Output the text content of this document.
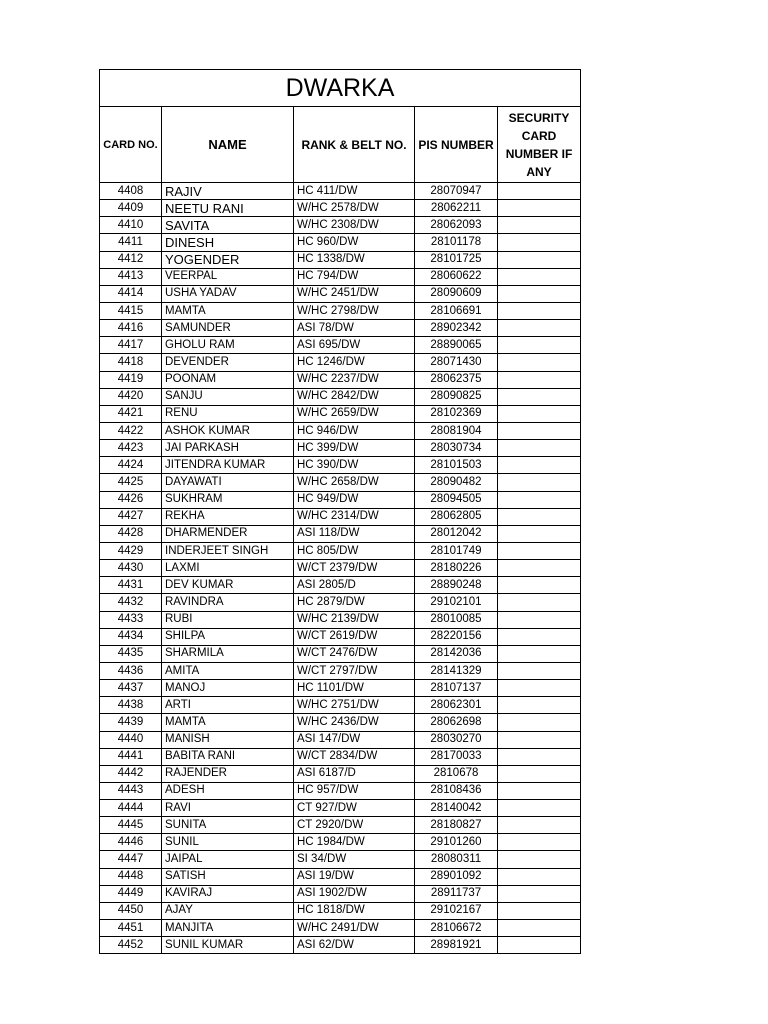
DWARKA				
CARD NO.	NAME	RANK & BELT NO.	PIS NUMBER	SECURITY CARD NUMBER IF ANY
4408	RAJIV	HC 411/DW	28070947	
4409	NEETU RANI	W/HC 2578/DW	28062211	
4410	SAVITA	W/HC 2308/DW	28062093	
4411	DINESH	HC 960/DW	28101178	
4412	YOGENDER	HC 1338/DW	28101725	
4413	VEERPAL	HC 794/DW	28060622	
4414	USHA YADAV	W/HC 2451/DW	28090609	
4415	MAMTA	W/HC 2798/DW	28106691	
4416	SAMUNDER	ASI 78/DW	28902342	
4417	GHOLU RAM	ASI 695/DW	28890065	
4418	DEVENDER	HC 1246/DW	28071430	
4419	POONAM	W/HC 2237/DW	28062375	
4420	SANJU	W/HC 2842/DW	28090825	
4421	RENU	W/HC 2659/DW	28102369	
4422	ASHOK KUMAR	HC 946/DW	28081904	
4423	JAI PARKASH	HC 399/DW	28030734	
4424	JITENDRA KUMAR	HC 390/DW	28101503	
4425	DAYAWATI	W/HC 2658/DW	28090482	
4426	SUKHRAM	HC 949/DW	28094505	
4427	REKHA	W/HC 2314/DW	28062805	
4428	DHARMENDER	ASI 118/DW	28012042	
4429	INDERJEET SINGH	HC 805/DW	28101749	
4430	LAXMI	W/CT 2379/DW	28180226	
4431	DEV KUMAR	ASI 2805/D	28890248	
4432	RAVINDRA	HC 2879/DW	29102101	
4433	RUBI	W/HC 2139/DW	28010085	
4434	SHILPA	W/CT 2619/DW	28220156	
4435	SHARMILA	W/CT 2476/DW	28142036	
4436	AMITA	W/CT 2797/DW	28141329	
4437	MANOJ	HC 1101/DW	28107137	
4438	ARTI	W/HC 2751/DW	28062301	
4439	MAMTA	W/HC 2436/DW	28062698	
4440	MANISH	ASI 147/DW	28030270	
4441	BABITA RANI	W/CT 2834/DW	28170033	
4442	RAJENDER	ASI 6187/D	2810678	
4443	ADESH	HC 957/DW	28108436	
4444	RAVI	CT 927/DW	28140042	
4445	SUNITA	CT 2920/DW	28180827	
4446	SUNIL	HC 1984/DW	29101260	
4447	JAIPAL	SI 34/DW	28080311	
4448	SATISH	ASI 19/DW	28901092	
4449	KAVIRAJ	ASI 1902/DW	28911737	
4450	AJAY	HC 1818/DW	29102167	
4451	MANJITA	W/HC 2491/DW	28106672	
4452	SUNIL KUMAR	ASI 62/DW	28981921	
